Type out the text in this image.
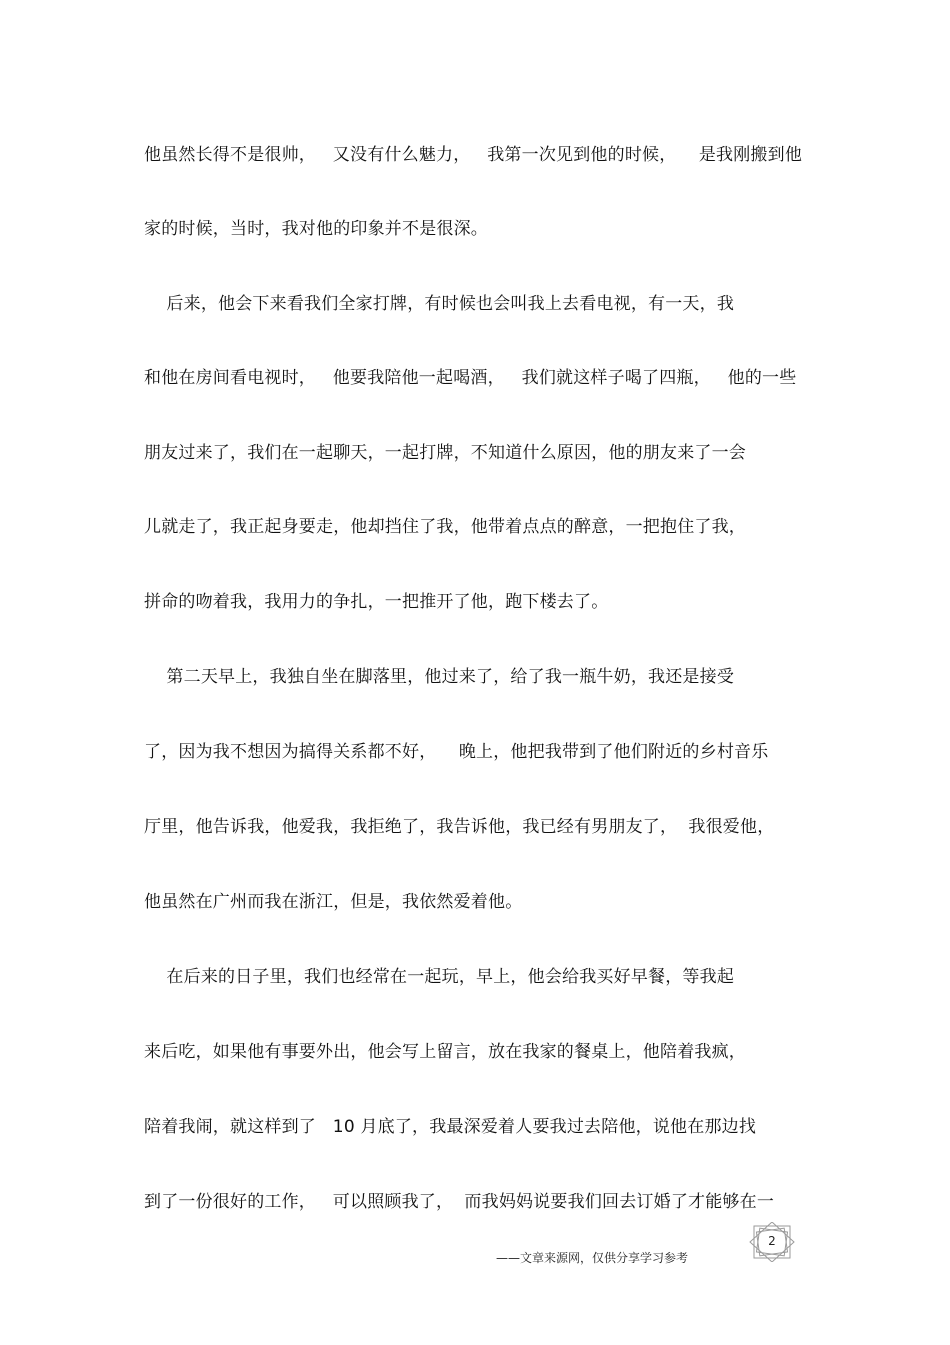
他虽然长得不是很帅，   又没有什么魅力，   我第一次见到他的时候，    是我刚搬到他
家的时候，当时，我对他的印象并不是很深。
后来，他会下来看我们全家打牌，有时候也会叫我上去看电视，有一天，我
和他在房间看电视时，   他要我陪他一起喝酒，   我们就这样子喝了四瓶，   他的一些
朋友过来了，我们在一起聊天，一起打牌，不知道什么原因，他的朋友来了一会
儿就走了，我正起身要走，他却挡住了我，他带着点点的醉意，一把抱住了我，
拼命的吻着我，我用力的争扎，一把推开了他，跑下楼去了。
第二天早上，我独自坐在脚落里，他过来了，给了我一瓶牛奶，我还是接受
了，因为我不想因为搞得关系都不好，    晚上，他把我带到了他们附近的乡村音乐
厅里，他告诉我，他爱我，我拒绝了，我告诉他，我已经有男朋友了，  我很爱他，
他虽然在广州而我在浙江，但是，我依然爱着他。
在后来的日子里，我们也经常在一起玩，早上，他会给我买好早餐，等我起
来后吃，如果他有事要外出，他会写上留言，放在我家的餐桌上，他陪着我疯，
陪着我闹，就这样到了   10 月底了，我最深爱着人要我过去陪他，说他在那边找
到了一份很好的工作，   可以照顾我了，  而我妈妈说要我们回去订婚了才能够在一
2
——文章来源网，仅供分享学习参考
